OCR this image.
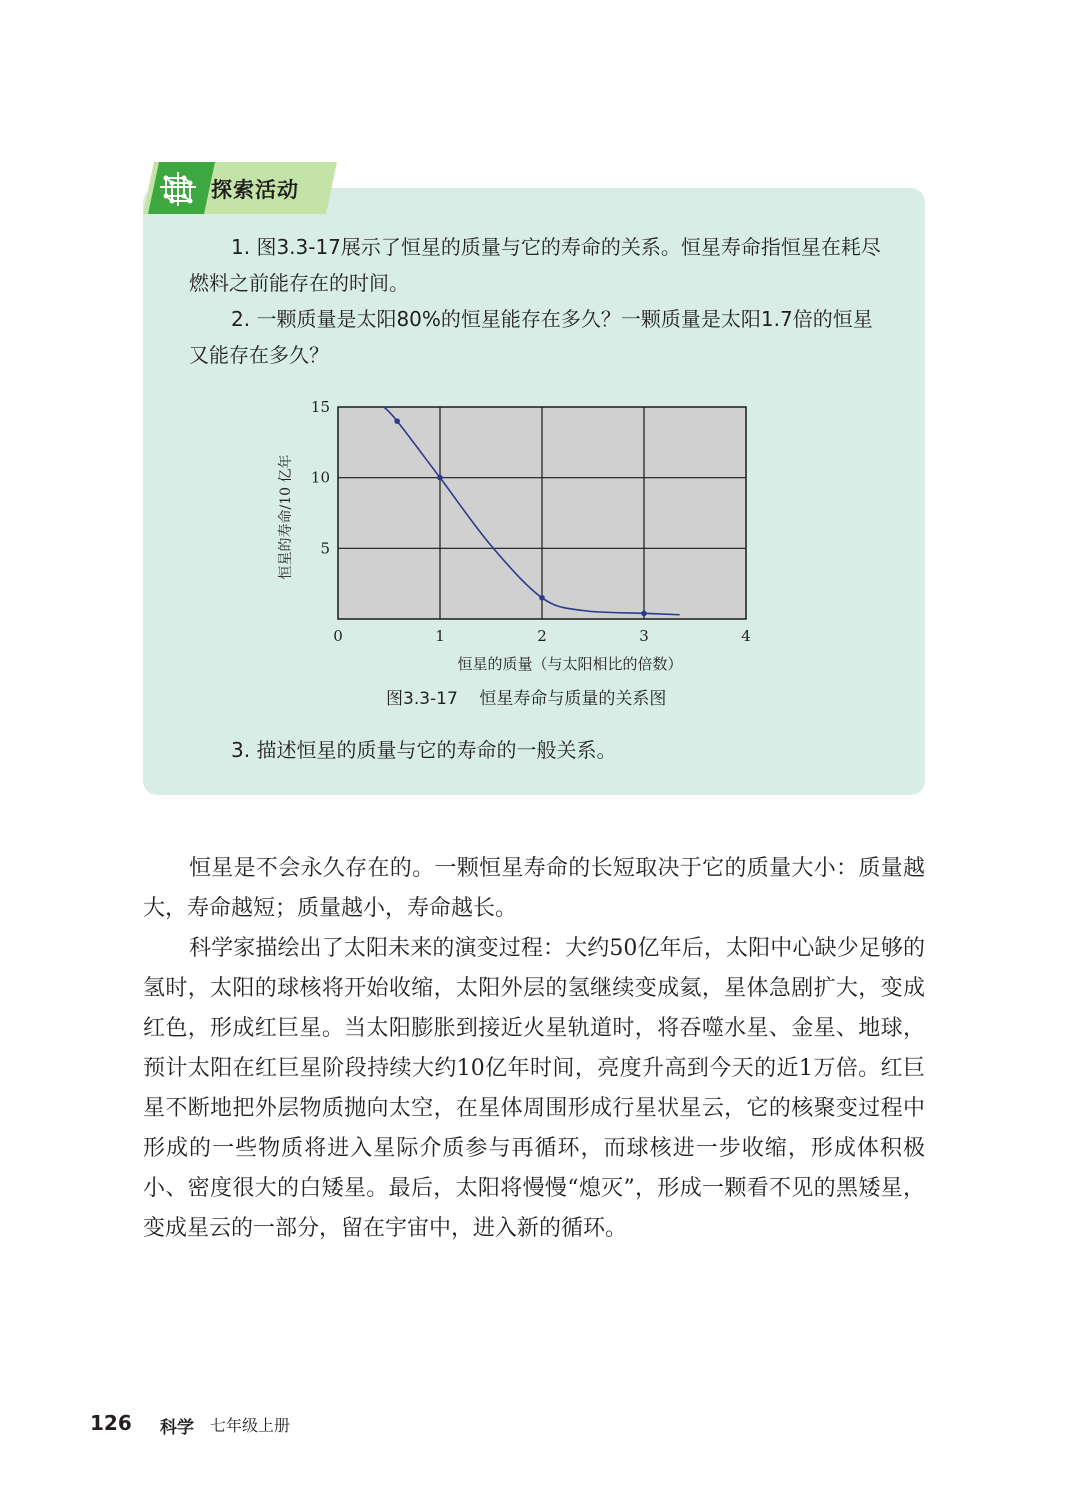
探索活动
1. 图3.3-17展示了恒星的质量与它的寿命的关系。恒星寿命指恒星在耗尽燃料之前能存在的时间。
2. 一颗质量是太阳80%的恒星能存在多久？一颗质量是太阳1.7倍的恒星又能存在多久？
0	1	2	3	4
5
10
15
恒星的寿命/10 亿年
恒星的质量（与太阳相比的倍数）
图3.3-17    恒星寿命与质量的关系图
3. 描述恒星的质量与它的寿命的一般关系。
恒星是不会永久存在的。一颗恒星寿命的长短取决于它的质量大小：质量越大，寿命越短；质量越小，寿命越长。
科学家描绘出了太阳未来的演变过程：大约50亿年后，太阳中心缺少足够的氢时，太阳的球核将开始收缩，太阳外层的氢继续变成氦，星体急剧扩大，变成红色，形成红巨星。当太阳膨胀到接近火星轨道时，将吞噬水星、金星、地球，预计太阳在红巨星阶段持续大约10亿年时间，亮度升高到今天的近1万倍。红巨星不断地把外层物质抛向太空，在星体周围形成行星状星云，它的核聚变过程中形成的一些物质将进入星际介质参与再循环，而球核进一步收缩，形成体积极小、密度很大的白矮星。最后，太阳将慢慢“熄灭”，形成一颗看不见的黑矮星，变成星云的一部分，留在宇宙中，进入新的循环。
126 科学 七年级上册
